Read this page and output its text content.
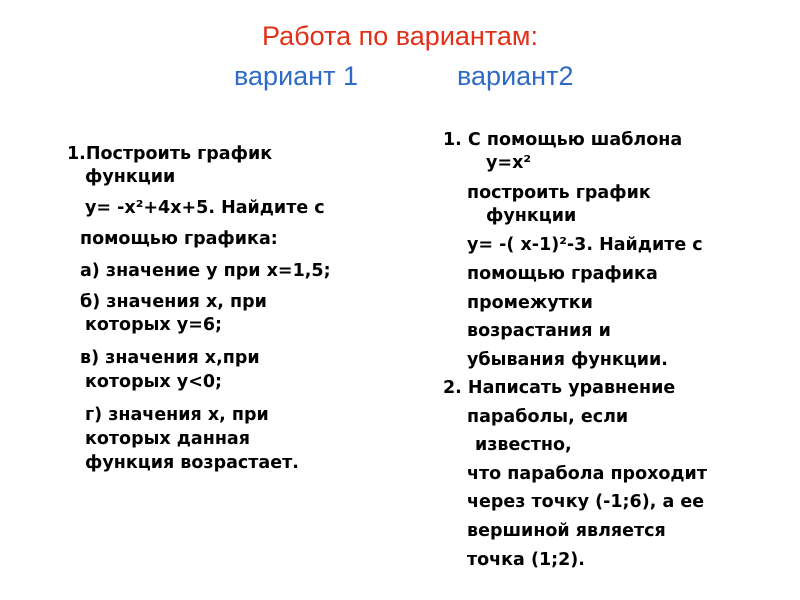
Работа по вариантам:
вариант 1	вариант2
1.Построить график
функции
у= -х²+4х+5. Найдите с
помощью графика:
а) значение у при х=1,5;
б) значения х, при
которых у=6;
в) значения х,при
которых у<0;
г) значения х, при
которых данная
функция возрастает.
1. С помощью шаблона
у=х²
построить график
функции
у= -( х-1)²-3. Найдите с
помощью графика
промежутки
возрастания и
убывания функции.
2. Написать уравнение
параболы, если
известно,
что парабола проходит
через точку (-1;6), а ее
вершиной является
точка (1;2).
